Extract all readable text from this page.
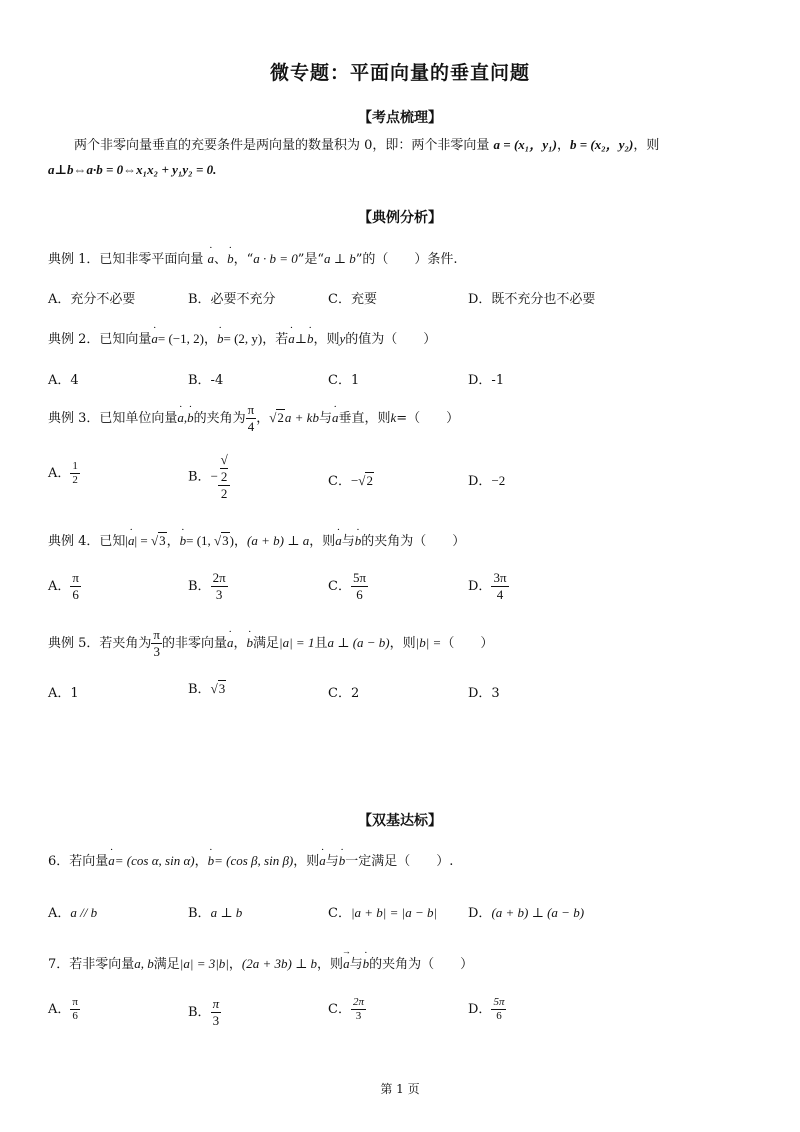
微专题：平面向量的垂直问题
【考点梳理】
两个非零向量垂直的充要条件是两向量的数量积为 0，即：两个非零向量 a = (x₁，y₁)，b = (x₂，y₂)，则
a⊥b⇔a·b = 0⇔x₁x₂ + y₁y₂ = 0.
【典例分析】
典例 1．已知非零平面向量 · a、· b，“a · b = 0”是“a ⊥ b”的（　　）条件.
A．充分不必要	B．必要不充分	C．充要	D．既不充分也不必要
典例 2．已知向量· a= (−1, 2)，· b= (2, y)，若· a⊥· b，则y的值为（　　）
A．4	B．-4	C．1	D．-1
典例 3．已知单位向量· a,· b的夹角为 $\frac{\pi}{4}$ ，√2a + kb与· a垂直，则k=（　　）
A． $\frac{1}{2}$	B．− √
2
2	C．−√2	D．−2
典例 4．已知|· a| = √3，· b= (1, √3)，(a + b) ⊥ a，则· a与· b的夹角为（　　）
A． $\frac{\pi}{6}$	B． $\frac{2\pi}{3}$	C． $\frac{5\pi}{6}$	D． $\frac{3\pi}{4}$
典例 5．若夹角为 $\frac{\pi}{3}$ 的非零向量· a，· b满足|a| = 1且a ⊥ (a − b)，则|b| =（　　）
A．1	B．√3	C．2	D．3
【双基达标】
6．若向量· a= (cos α, sin α)，· b= (cos β, sin β)，则· a与· b一定满足（　　）.
A．a // b	B．a ⊥ b	C．|a + b| = |a − b| D．(a + b) ⊥ (a − b)
7．若非零向量a, b满足|a| = 3|b|，(2a + 3b) ⊥ b，则→ a与· b的夹角为（　　）
A． $\frac{\pi}{6}$	B． $\frac{\pi}{3}$	C． $\frac{2\pi}{3}$	D． $\frac{5\pi}{6}$
第 1 页
